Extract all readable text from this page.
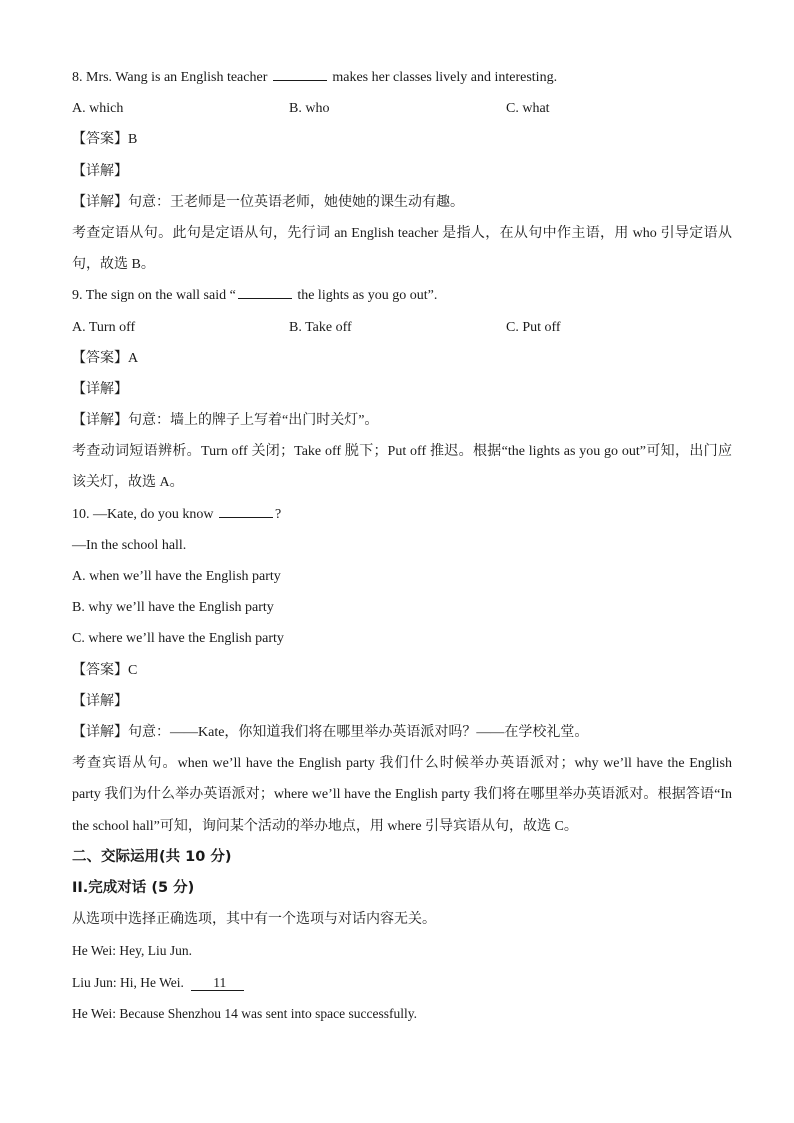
8. Mrs. Wang is an English teacher	makes her classes lively and interesting.
A. which	B. who	C. what
【答案】B
【详解】
【详解】句意：王老师是一位英语老师，她使她的课生动有趣。
考查定语从句。此句是定语从句，先行词 an English teacher 是指人，在从句中作主语，用 who 引导定语从句，故选 B。
9. The sign on the wall said “	the lights as you go out”.
A. Turn off	B. Take off	C. Put off
【答案】A
【详解】
【详解】句意：墙上的牌子上写着“出门时关灯”。
考查动词短语辨析。Turn off 关闭；Take off 脱下；Put off 推迟。根据“the lights as you go out”可知，出门应该关灯，故选 A。
10. —Kate, do you know	?
—In the school hall.
A. when we’ll have the English party
B. why we’ll have the English party
C. where we’ll have the English party
【答案】C
【详解】
【详解】句意：——Kate，你知道我们将在哪里举办英语派对吗？——在学校礼堂。
考查宾语从句。when we’ll have the English party 我们什么时候举办英语派对；why we’ll have the English party 我们为什么举办英语派对；where we’ll have the English party 我们将在哪里举办英语派对。根据答语“In the school hall”可知，询问某个活动的举办地点，用 where 引导宾语从句，故选 C。
二、交际运用(共 10 分)
II.完成对话 (5 分)
从选项中选择正确选项，其中有一个选项与对话内容无关。
He Wei: Hey, Liu Jun.
Liu Jun: Hi, He Wei. 11
He Wei: Because Shenzhou 14 was sent into space successfully.
